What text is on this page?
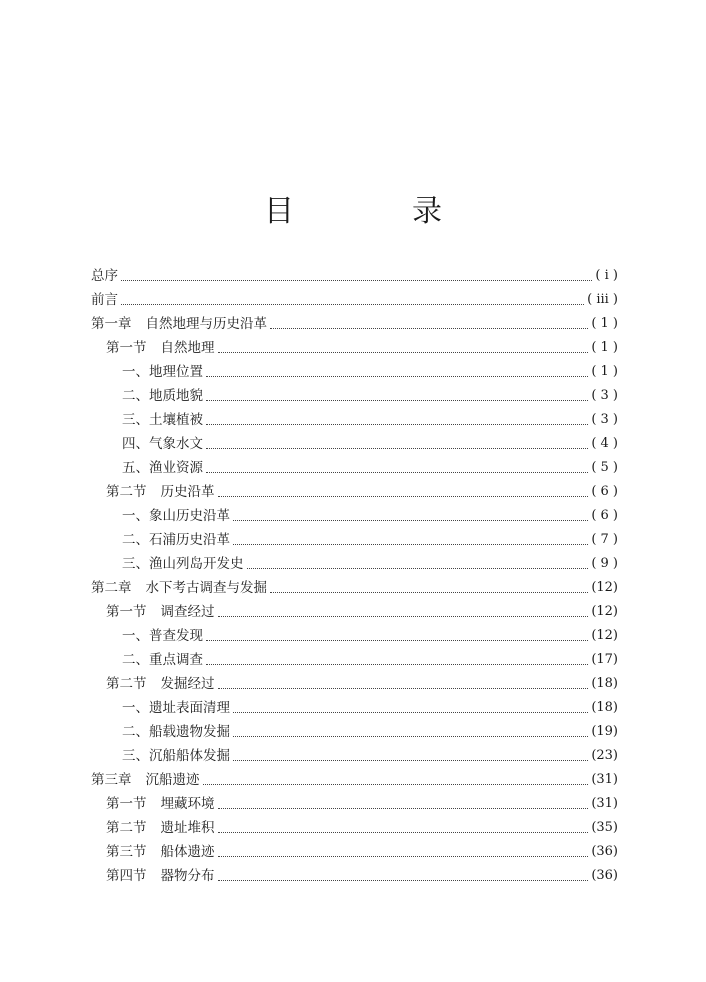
目　录
总序	( i )
前言	( iii )
第一章 自然地理与历史沿革	( 1 )
第一节 自然地理	( 1 )
一、地理位置	( 1 )
二、地质地貌	( 3 )
三、土壤植被	( 3 )
四、气象水文	( 4 )
五、渔业资源	( 5 )
第二节 历史沿革	( 6 )
一、象山历史沿革	( 6 )
二、石浦历史沿革	( 7 )
三、渔山列岛开发史	( 9 )
第二章 水下考古调查与发掘	(12)
第一节 调查经过	(12)
一、普查发现	(12)
二、重点调查	(17)
第二节 发掘经过	(18)
一、遗址表面清理	(18)
二、船载遗物发掘	(19)
三、沉船船体发掘	(23)
第三章 沉船遗迹	(31)
第一节 埋藏环境	(31)
第二节 遗址堆积	(35)
第三节 船体遗迹	(36)
第四节 器物分布	(36)
